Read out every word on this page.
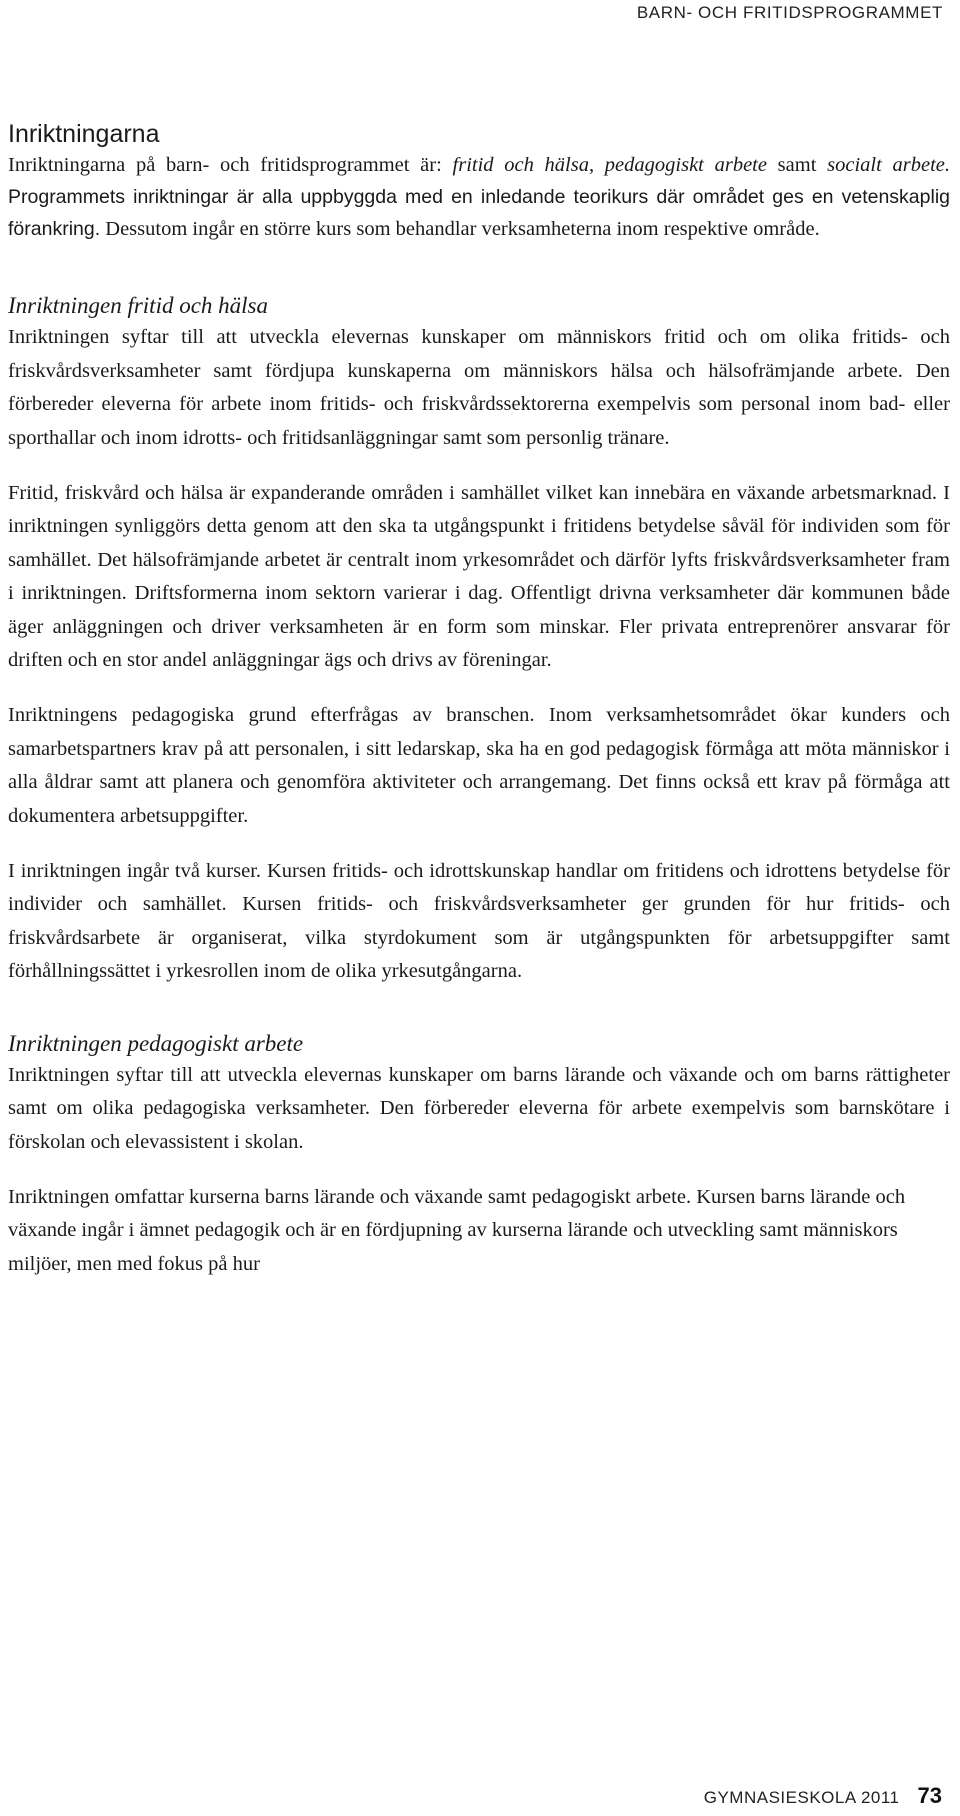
BARN- OCH FRITIDSPROGRAMMET
Inriktningarna

Inriktningarna på barn- och fritidsprogrammet är: fritid och hälsa, pedagogiskt arbete samt socialt arbete. Programmets inriktningar är alla uppbyggda med en inledande teorikurs där området ges en vetenskaplig förankring. Dessutom ingår en större kurs som behandlar verksamheterna inom respektive område.

Inriktningen fritid och hälsa

Inriktningen syftar till att utveckla elevernas kunskaper om människors fritid och om olika fritids- och friskvårdsverksamheter samt fördjupa kunskaperna om människors hälsa och hälsofrämjande arbete. Den förbereder eleverna för arbete inom fritids- och friskvårdssektorerna exempelvis som personal inom bad- eller sporthallar och inom idrotts- och fritidsanläggningar samt som personlig tränare.

Fritid, friskvård och hälsa är expanderande områden i samhället vilket kan innebära en växande arbetsmarknad. I inriktningen synliggörs detta genom att den ska ta utgångspunkt i fritidens betydelse såväl för individen som för samhället. Det hälsofrämjande arbetet är centralt inom yrkesområdet och därför lyfts friskvårdsverksamheter fram i inriktningen. Driftsformerna inom sektorn varierar i dag. Offentligt drivna verksamheter där kommunen både äger anläggningen och driver verksamheten är en form som minskar. Fler privata entreprenörer ansvarar för driften och en stor andel anläggningar ägs och drivs av föreningar.

Inriktningens pedagogiska grund efterfrågas av branschen. Inom verksamhetsområdet ökar kunders och samarbetspartners krav på att personalen, i sitt ledarskap, ska ha en god pedagogisk förmåga att möta människor i alla åldrar samt att planera och genomföra aktiviteter och arrangemang. Det finns också ett krav på förmåga att dokumentera arbetsuppgifter.

I inriktningen ingår två kurser. Kursen fritids- och idrottskunskap handlar om fritidens och idrottens betydelse för individer och samhället. Kursen fritids- och friskvårdsverksamheter ger grunden för hur fritids- och friskvårdsarbete är organiserat, vilka styrdokument som är utgångspunkten för arbetsuppgifter samt förhållningssättet i yrkesrollen inom de olika yrkesutgångarna.

Inriktningen pedagogiskt arbete

Inriktningen syftar till att utveckla elevernas kunskaper om barns lärande och växande och om barns rättigheter samt om olika pedagogiska verksamheter. Den förbereder eleverna för arbete exempelvis som barnskötare i förskolan och elevassistent i skolan.

Inriktningen omfattar kurserna barns lärande och växande samt pedagogiskt arbete. Kursen barns lärande och växande ingår i ämnet pedagogik och är en fördjupning av kurserna lärande och utveckling samt människors miljöer, men med fokus på hur

GYMNASIESKOLA 2011 73
